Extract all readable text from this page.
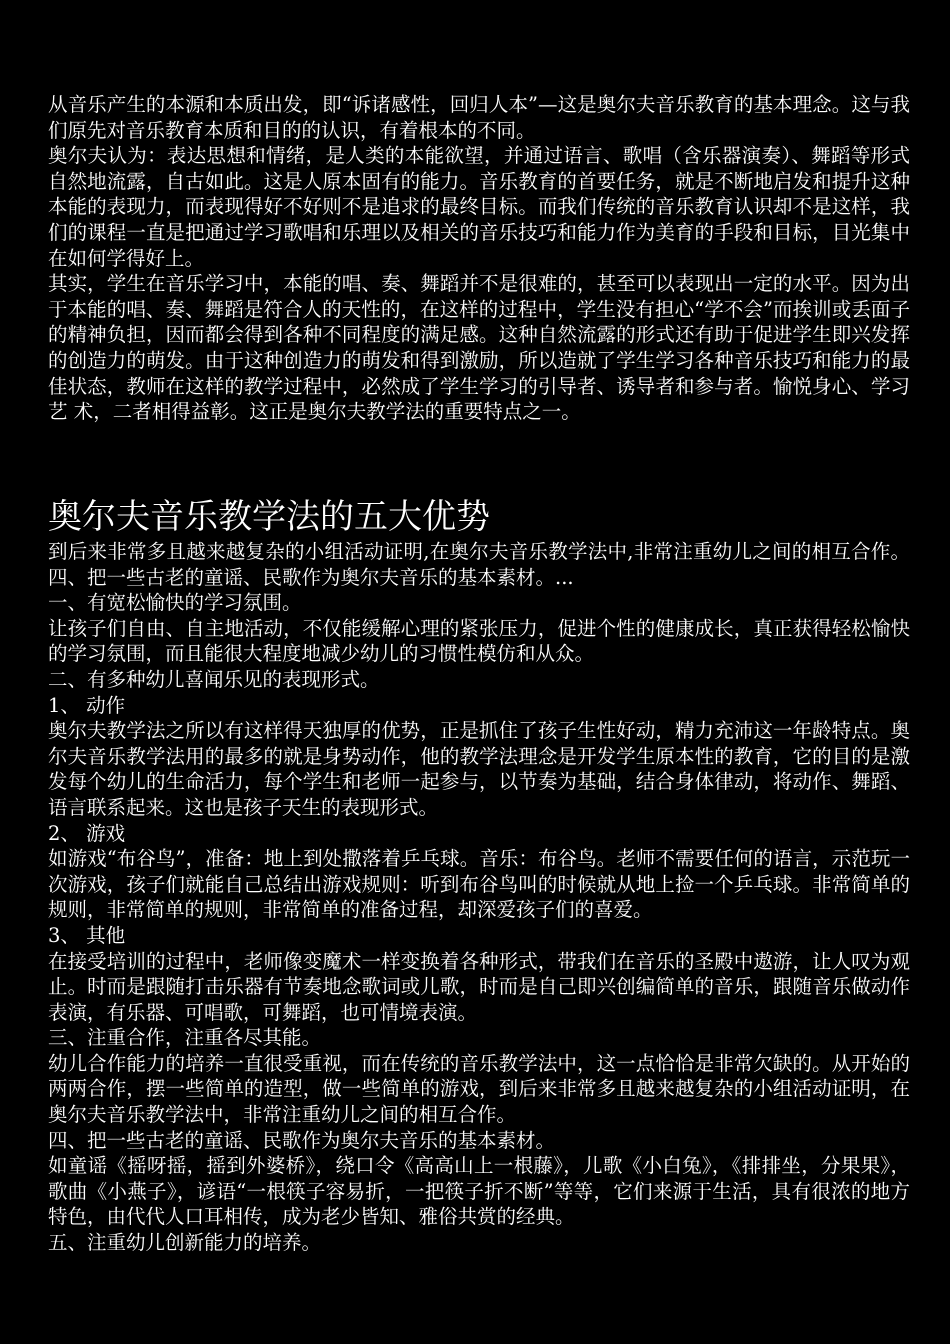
从音乐产生的本源和本质出发，即“诉诸感性，回归人本”—这是奥尔夫音乐教育的基本理念。这与我们原先对音乐教育本质和目的的认识，有着根本的不同。

奥尔夫认为：表达思想和情绪，是人类的本能欲望，并通过语言、歌唱（含乐器演奏）、舞蹈等形式自然地流露，自古如此。这是人原本固有的能力。音乐教育的首要任务，就是不断地启发和提升这种本能的表现力，而表现得好不好则不是追求的最终目标。而我们传统的音乐教育认识却不是这样，我们的课程一直是把通过学习歌唱和乐理以及相关的音乐技巧和能力作为美育的手段和目标，目光集中在如何学得好上。

其实，学生在音乐学习中，本能的唱、奏、舞蹈并不是很难的，甚至可以表现出一定的水平。因为出于本能的唱、奏、舞蹈是符合人的天性的，在这样的过程中，学生没有担心“学不会”而挨训或丢面子的精神负担，因而都会得到各种不同程度的满足感。这种自然流露的形式还有助于促进学生即兴发挥的创造力的萌发。由于这种创造力的萌发和得到激励，所以造就了学生学习各种音乐技巧和能力的最佳状态，教师在这样的教学过程中，必然成了学生学习的引导者、诱导者和参与者。愉悦身心、学习艺 术，二者相得益彰。这正是奥尔夫教学法的重要特点之一。

奥尔夫音乐教学法的五大优势

到后来非常多且越来越复杂的小组活动证明,在奥尔夫音乐教学法中,非常注重幼儿之间的相互合作。四、把一些古老的童谣、民歌作为奥尔夫音乐的基本素材。...

一、有宽松愉快的学习氛围。

让孩子们自由、自主地活动，不仅能缓解心理的紧张压力，促进个性的健康成长，真正获得轻松愉快的学习氛围，而且能很大程度地减少幼儿的习惯性模仿和从众。

二、有多种幼儿喜闻乐见的表现形式。

1、 动作

奥尔夫教学法之所以有这样得天独厚的优势，正是抓住了孩子生性好动，精力充沛这一年龄特点。奥尔夫音乐教学法用的最多的就是身势动作，他的教学法理念是开发学生原本性的教育，它的目的是激发每个幼儿的生命活力，每个学生和老师一起参与，以节奏为基础，结合身体律动，将动作、舞蹈、语言联系起来。这也是孩子天生的表现形式。

2、 游戏

如游戏“布谷鸟”，准备：地上到处撒落着乒乓球。音乐：布谷鸟。老师不需要任何的语言，示范玩一次游戏，孩子们就能自己总结出游戏规则：听到布谷鸟叫的时候就从地上捡一个乒乓球。非常简单的规则，非常简单的规则，非常简单的准备过程，却深爱孩子们的喜爱。

3、 其他

在接受培训的过程中，老师像变魔术一样变换着各种形式，带我们在音乐的圣殿中遨游，让人叹为观止。时而是跟随打击乐器有节奏地念歌词或儿歌，时而是自己即兴创编简单的音乐，跟随音乐做动作表演，有乐器、可唱歌，可舞蹈，也可情境表演。

三、注重合作，注重各尽其能。

幼儿合作能力的培养一直很受重视，而在传统的音乐教学法中，这一点恰恰是非常欠缺的。从开始的两两合作，摆一些简单的造型，做一些简单的游戏，到后来非常多且越来越复杂的小组活动证明，在奥尔夫音乐教学法中，非常注重幼儿之间的相互合作。

四、把一些古老的童谣、民歌作为奥尔夫音乐的基本素材。

如童谣《摇呀摇，摇到外婆桥》，绕口令《高高山上一根藤》，儿歌《小白兔》，《排排坐，分果果》，歌曲《小燕子》，谚语“一根筷子容易折，一把筷子折不断”等等，它们来源于生活，具有很浓的地方特色，由代代人口耳相传，成为老少皆知、雅俗共赏的经典。

五、注重幼儿创新能力的培养。
